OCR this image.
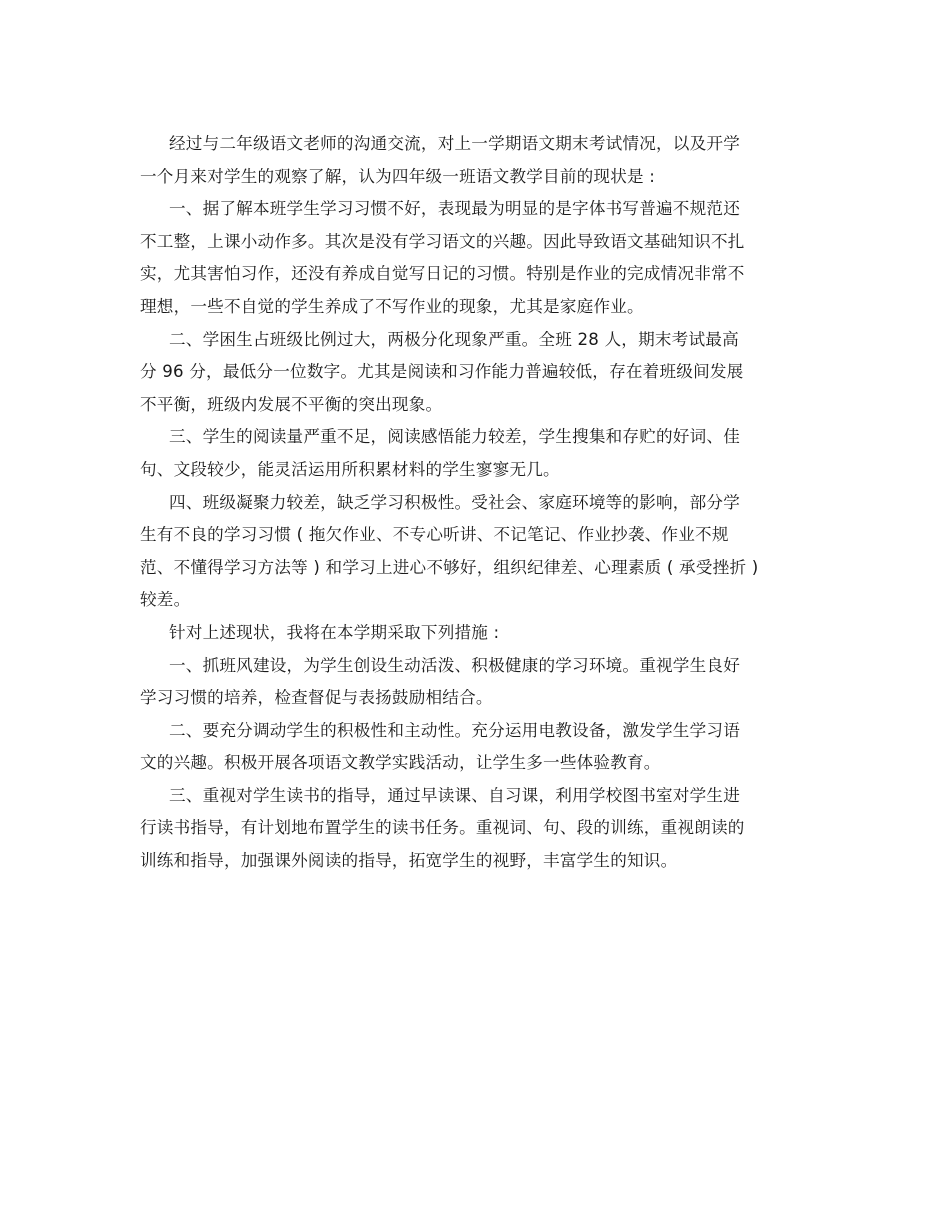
经过与二年级语文老师的沟通交流，对上一学期语文期末考试情况，以及开学
一个月来对学生的观察了解，认为四年级一班语文教学目前的现状是 :
一、据了解本班学生学习习惯不好，表现最为明显的是字体书写普遍不规范还
不工整，上课小动作多。其次是没有学习语文的兴趣。因此导致语文基础知识不扎
实，尤其害怕习作，还没有养成自觉写日记的习惯。特别是作业的完成情况非常不
理想，一些不自觉的学生养成了不写作业的现象，尤其是家庭作业。
二、学困生占班级比例过大，两极分化现象严重。全班 28 人，期末考试最高
分 96 分，最低分一位数字。尤其是阅读和习作能力普遍较低，存在着班级间发展
不平衡，班级内发展不平衡的突出现象。
三、学生的阅读量严重不足，阅读感悟能力较差，学生搜集和存贮的好词、佳
句、文段较少，能灵活运用所积累材料的学生寥寥无几。
四、班级凝聚力较差，缺乏学习积极性。受社会、家庭环境等的影响，部分学
生有不良的学习习惯 ( 拖欠作业、不专心听讲、不记笔记、作业抄袭、作业不规
范、不懂得学习方法等 ) 和学习上进心不够好，组织纪律差、心理素质 ( 承受挫折 )
较差。
针对上述现状，我将在本学期采取下列措施 :
一、抓班风建设，为学生创设生动活泼、积极健康的学习环境。重视学生良好
学习习惯的培养，检查督促与表扬鼓励相结合。
二、要充分调动学生的积极性和主动性。充分运用电教设备，激发学生学习语
文的兴趣。积极开展各项语文教学实践活动，让学生多一些体验教育。
三、重视对学生读书的指导，通过早读课、自习课，利用学校图书室对学生进
行读书指导，有计划地布置学生的读书任务。重视词、句、段的训练，重视朗读的
训练和指导，加强课外阅读的指导，拓宽学生的视野，丰富学生的知识。
